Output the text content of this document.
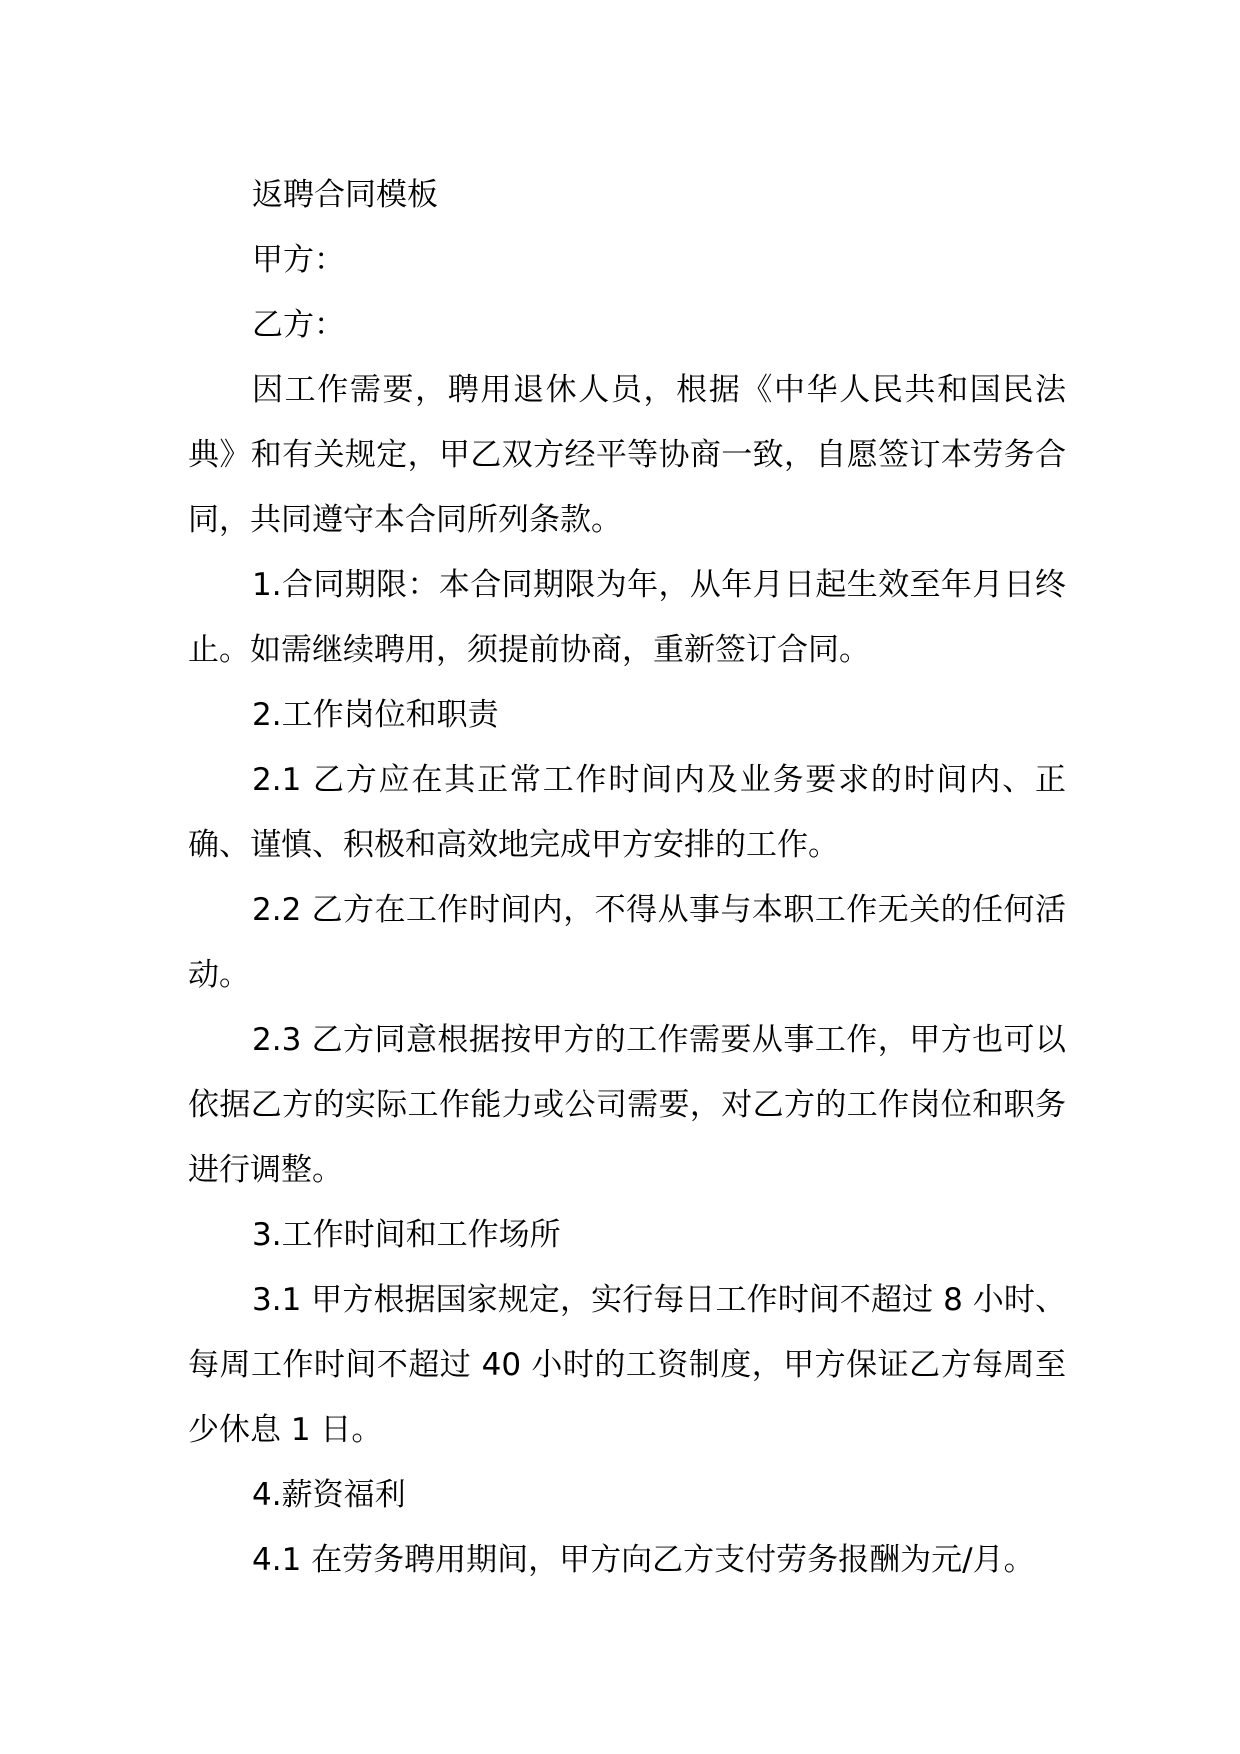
返聘合同模板

甲方：

乙方：

因工作需要，聘用退休人员，根据《中华人民共和国民法典》和有关规定，甲乙双方经平等协商一致，自愿签订本劳务合同，共同遵守本合同所列条款。

1.合同期限：本合同期限为年，从年月日起生效至年月日终止。如需继续聘用，须提前协商，重新签订合同。

2.工作岗位和职责

2.1 乙方应在其正常工作时间内及业务要求的时间内、正确、谨慎、积极和高效地完成甲方安排的工作。

2.2 乙方在工作时间内，不得从事与本职工作无关的任何活动。

2.3 乙方同意根据按甲方的工作需要从事工作，甲方也可以依据乙方的实际工作能力或公司需要，对乙方的工作岗位和职务进行调整。

3.工作时间和工作场所

3.1 甲方根据国家规定，实行每日工作时间不超过 8 小时、每周工作时间不超过 40 小时的工资制度，甲方保证乙方每周至少休息 1 日。

4.薪资福利

4.1 在劳务聘用期间，甲方向乙方支付劳务报酬为元/月。
